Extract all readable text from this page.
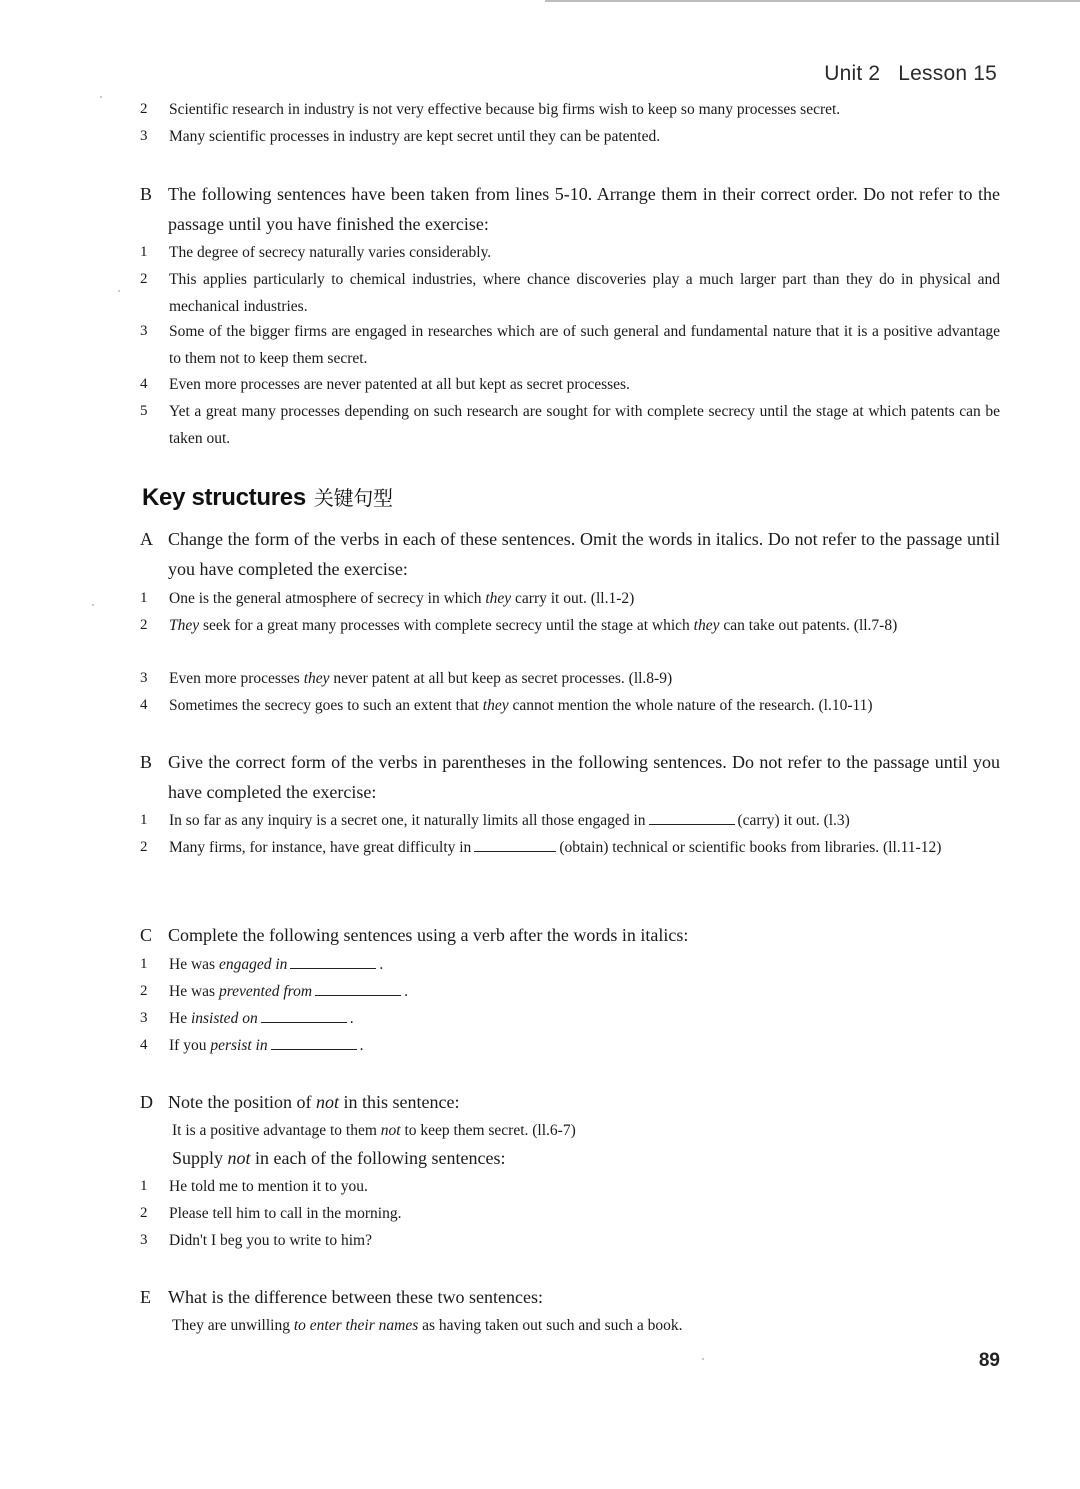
Unit 2 Lesson 15
2	Scientific research in industry is not very effective because big firms wish to keep so many processes secret.
3	Many scientific processes in industry are kept secret until they can be patented.
B The following sentences have been taken from lines 5-10. Arrange them in their correct order. Do not refer to the passage until you have finished the exercise:
1	The degree of secrecy naturally varies considerably.
2	This applies particularly to chemical industries, where chance discoveries play a much larger part than they do in physical and mechanical industries.
3	Some of the bigger firms are engaged in researches which are of such general and fundamental nature that it is a positive advantage to them not to keep them secret.
4	Even more processes are never patented at all but kept as secret processes.
5	Yet a great many processes depending on such research are sought for with complete secrecy until the stage at which patents can be taken out.
Key structures 关键句型
A Change the form of the verbs in each of these sentences. Omit the words in italics. Do not refer to the passage until you have completed the exercise:
1	One is the general atmosphere of secrecy in which they carry it out. (ll.1-2)
2	They seek for a great many processes with complete secrecy until the stage at which they can take out patents. (ll.7-8)
3	Even more processes they never patent at all but keep as secret processes. (ll.8-9)
4	Sometimes the secrecy goes to such an extent that they cannot mention the whole nature of the research. (l.10-11)
B Give the correct form of the verbs in parentheses in the following sentences. Do not refer to the passage until you have completed the exercise:
1	In so far as any inquiry is a secret one, it naturally limits all those engaged in	(carry) it out. (l.3)
2	Many firms, for instance, have great difficulty in	(obtain) technical or scientific books from libraries. (ll.11-12)
C Complete the following sentences using a verb after the words in italics:
1	He was engaged in	.
2	He was prevented from	.
3	He insisted on	.
4	If you persist in	.
D Note the position of not in this sentence:
It is a positive advantage to them not to keep them secret. (ll.6-7)
Supply not in each of the following sentences:
1	He told me to mention it to you.
2	Please tell him to call in the morning.
3	Didn't I beg you to write to him?
E What is the difference between these two sentences:
They are unwilling to enter their names as having taken out such and such a book.
89
